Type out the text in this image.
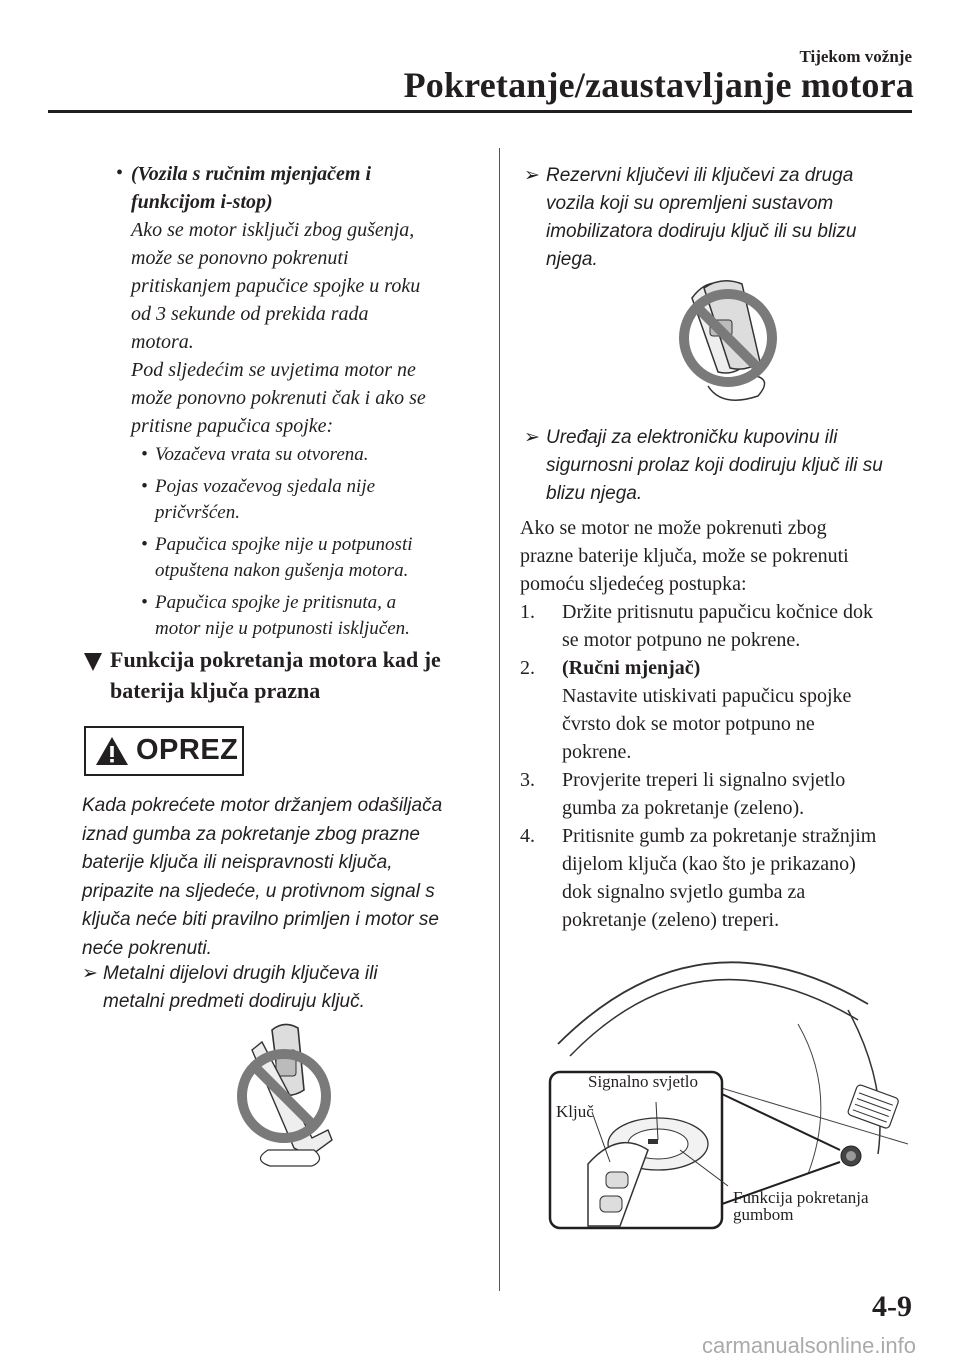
Tijekom vožnje
Pokretanje/zaustavljanje motora
• (Vozila s ručnim mjenjačem i
funkcijom i-stop)
Ako se motor isključi zbog gušenja,
može se ponovno pokrenuti
pritiskanjem papučice spojke u roku
od 3 sekunde od prekida rada
motora.
Pod sljedećim se uvjetima motor ne
može ponovno pokrenuti čak i ako se
pritisne papučica spojke:
• Vozačeva vrata su otvorena.
• Pojas vozačevog sjedala nije
pričvršćen.
• Papučica spojke nije u potpunosti
otpuštena nakon gušenja motora.
• Papučica spojke je pritisnuta, a
motor nije u potpunosti isključen.
Funkcija pokretanja motora kad je
baterija ključa prazna
OPREZ
Kada pokrećete motor držanjem odašiljača
iznad gumba za pokretanje zbog prazne
baterije ključa ili neispravnosti ključa,
pripazite na sljedeće, u protivnom signal s
ključa neće biti pravilno primljen i motor se
neće pokrenuti.
➢ Metalni dijelovi drugih ključeva ili
metalni predmeti dodiruju ključ.
➢ Rezervni ključevi ili ključevi za druga
vozila koji su opremljeni sustavom
imobilizatora dodiruju ključ ili su blizu
njega.
➢ Uređaji za elektroničku kupovinu ili
sigurnosni prolaz koji dodiruju ključ ili su
blizu njega.
Ako se motor ne može pokrenuti zbog
prazne baterije ključa, može se pokrenuti
pomoću sljedećeg postupka:
1. Držite pritisnutu papučicu kočnice dok
se motor potpuno ne pokrene.
2. (Ručni mjenjač)
Nastavite utiskivati papučicu spojke
čvrsto dok se motor potpuno ne
pokrene.
3. Provjerite treperi li signalno svjetlo
gumba za pokretanje (zeleno).
4. Pritisnite gumb za pokretanje stražnjim
dijelom ključa (kao što je prikazano)
dok signalno svjetlo gumba za
pokretanje (zeleno) treperi.
Signalno svjetlo
Ključ
Funkcija pokretanja
gumbom
4-9
carmanualsonline.info
